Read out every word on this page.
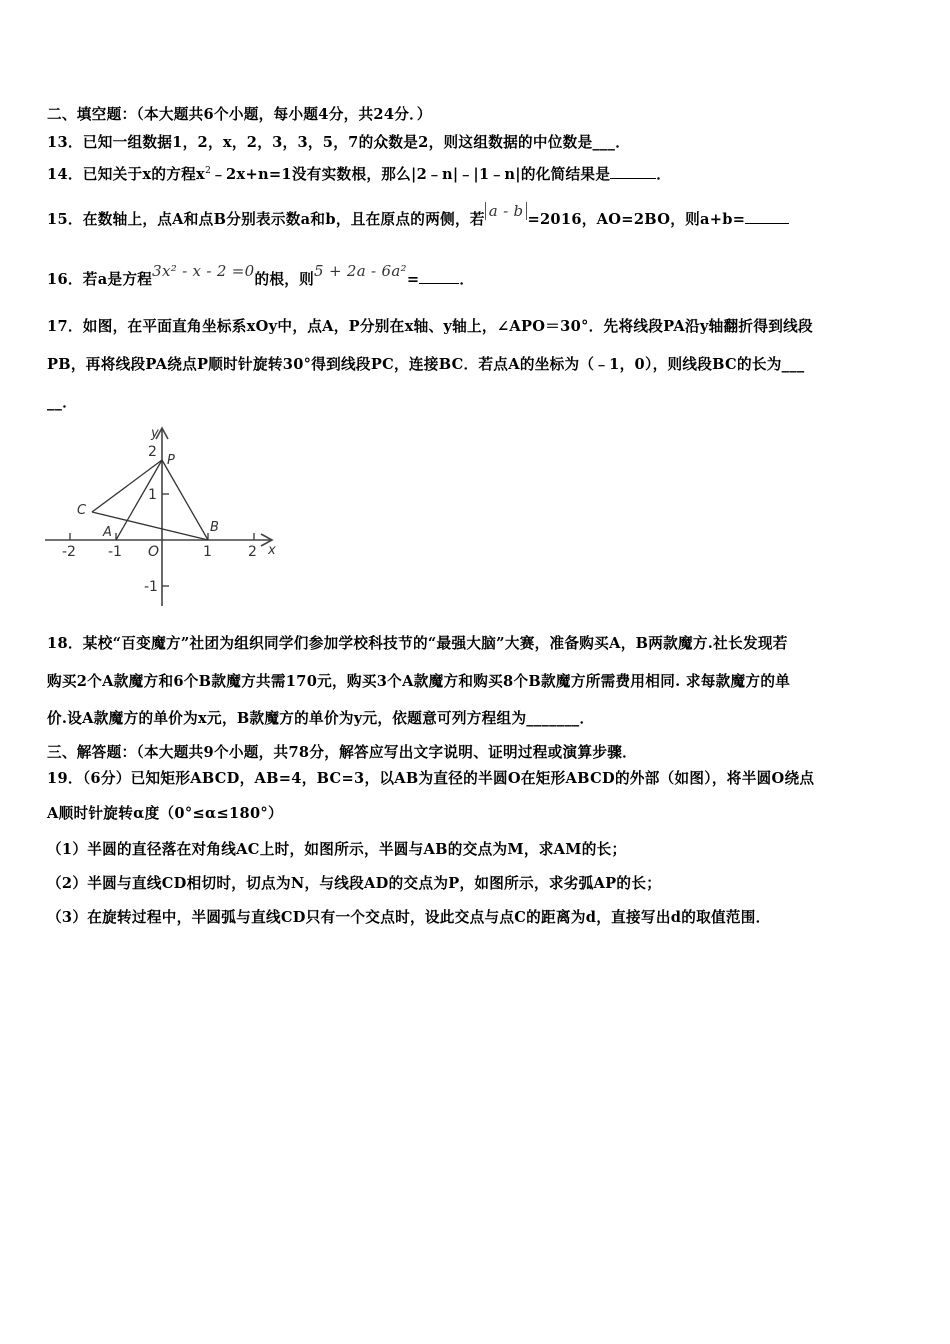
二、填空题：（本大题共6个小题，每小题4分，共24分．）
13．已知一组数据1，2，x，2，3，3，5，7的众数是2，则这组数据的中位数是___．
14．已知关于x的方程$x^2﹣2x+n=1$没有实数根，那么|2﹣n|﹣|1﹣n|的化简结果是	．
15．在数轴上，点A和点B分别表示数a和b，且在原点的两侧，若 a - b =2016，AO=2BO，则a+b=
16．若a是方程3x² - x - 2 =0的根，则5 + 2a - 6a²=	．
17．如图，在平面直角坐标系xOy中，点A，P分别在x轴、y轴上，∠APO＝30°．先将线段PA沿y轴翻折得到线段
PB，再将线段PA绕点P顺时针旋转30°得到线段PC，连接BC．若点A的坐标为（﹣1，0），则线段BC的长为___
__．
-2 -1	1	2
2
1
-1
x
y
O
P
C
A	B
18．某校“百变魔方”社团为组织同学们参加学校科技节的“最强大脑”大赛，准备购买A，B两款魔方.社长发现若
购买2个A款魔方和6个B款魔方共需170元，购买3个A款魔方和购买8个B款魔方所需费用相同. 求每款魔方的单
价.设A款魔方的单价为x元，B款魔方的单价为y元，依题意可列方程组为_______．
三、解答题：（本大题共9个小题，共78分，解答应写出文字说明、证明过程或演算步骤．
19．（6分）已知矩形ABCD，AB=4，BC=3，以AB为直径的半圆O在矩形ABCD的外部（如图），将半圆O绕点
A顺时针旋转α度（0°≤α≤180°）
（1）半圆的直径落在对角线AC上时，如图所示，半圆与AB的交点为M，求AM的长；
（2）半圆与直线CD相切时，切点为N，与线段AD的交点为P，如图所示，求劣弧AP的长；
（3）在旋转过程中，半圆弧与直线CD只有一个交点时，设此交点与点C的距离为d，直接写出d的取值范围．
